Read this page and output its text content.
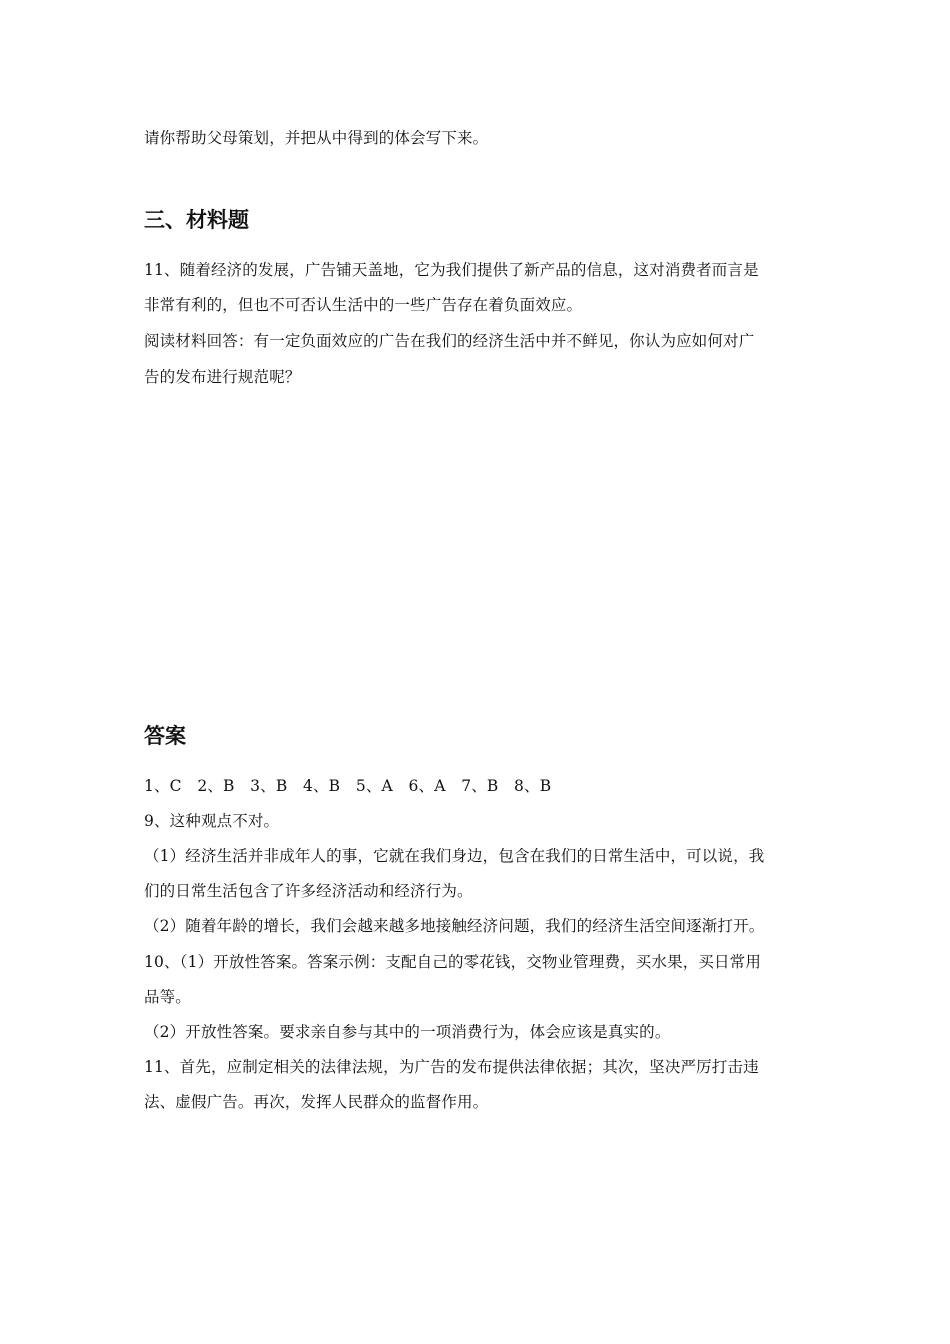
请你帮助父母策划，并把从中得到的体会写下来。
三、材料题
11、随着经济的发展，广告铺天盖地，它为我们提供了新产品的信息，这对消费者而言是
非常有利的，但也不可否认生活中的一些广告存在着负面效应。
阅读材料回答：有一定负面效应的广告在我们的经济生活中并不鲜见，你认为应如何对广
告的发布进行规范呢？
答案
1、C　2、B　3、B　4、B　5、A　6、A　7、B　8、B
9、这种观点不对。
（1）经济生活并非成年人的事，它就在我们身边，包含在我们的日常生活中，可以说，我
们的日常生活包含了许多经济活动和经济行为。
（2）随着年龄的增长，我们会越来越多地接触经济问题，我们的经济生活空间逐渐打开。
10、（1）开放性答案。答案示例：支配自己的零花钱，交物业管理费，买水果，买日常用
品等。
（2）开放性答案。要求亲自参与其中的一项消费行为，体会应该是真实的。
11、首先，应制定相关的法律法规，为广告的发布提供法律依据；其次，坚决严厉打击违
法、虚假广告。再次，发挥人民群众的监督作用。
